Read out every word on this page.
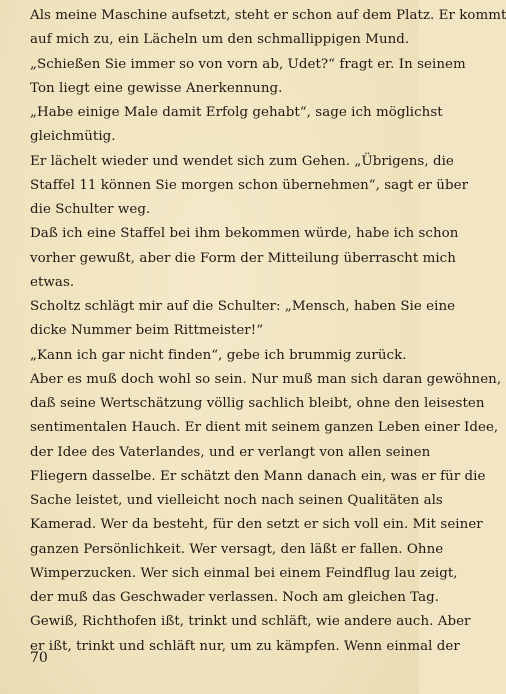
Als meine Maschine aufsetzt, steht er schon auf dem Platz. Er kommt
auf mich zu, ein Lächeln um den schmallippigen Mund.
„Schießen Sie immer so von vorn ab, Udet?“ fragt er. In seinem
Ton liegt eine gewisse Anerkennung.
„Habe einige Male damit Erfolg gehabt“, sage ich möglichst
gleichmütig.
Er lächelt wieder und wendet sich zum Gehen. „Übrigens, die
Staffel 11 können Sie morgen schon übernehmen“, sagt er über
die Schulter weg.
Daß ich eine Staffel bei ihm bekommen würde, habe ich schon
vorher gewußt, aber die Form der Mitteilung überrascht mich
etwas.
Scholtz schlägt mir auf die Schulter: „Mensch, haben Sie eine
dicke Nummer beim Rittmeister!“
„Kann ich gar nicht finden“, gebe ich brummig zurück.
Aber es muß doch wohl so sein. Nur muß man sich daran gewöhnen,
daß seine Wertschätzung völlig sachlich bleibt, ohne den leisesten
sentimentalen Hauch. Er dient mit seinem ganzen Leben einer Idee,
der Idee des Vaterlandes, und er verlangt von allen seinen
Fliegern dasselbe. Er schätzt den Mann danach ein, was er für die
Sache leistet, und vielleicht noch nach seinen Qualitäten als
Kamerad. Wer da besteht, für den setzt er sich voll ein. Mit seiner
ganzen Persönlichkeit. Wer versagt, den läßt er fallen. Ohne
Wimperzucken. Wer sich einmal bei einem Feindflug lau zeigt,
der muß das Geschwader verlassen. Noch am gleichen Tag.
Gewiß, Richthofen ißt, trinkt und schläft, wie andere auch. Aber
er ißt, trinkt und schläft nur, um zu kämpfen. Wenn einmal der
70
